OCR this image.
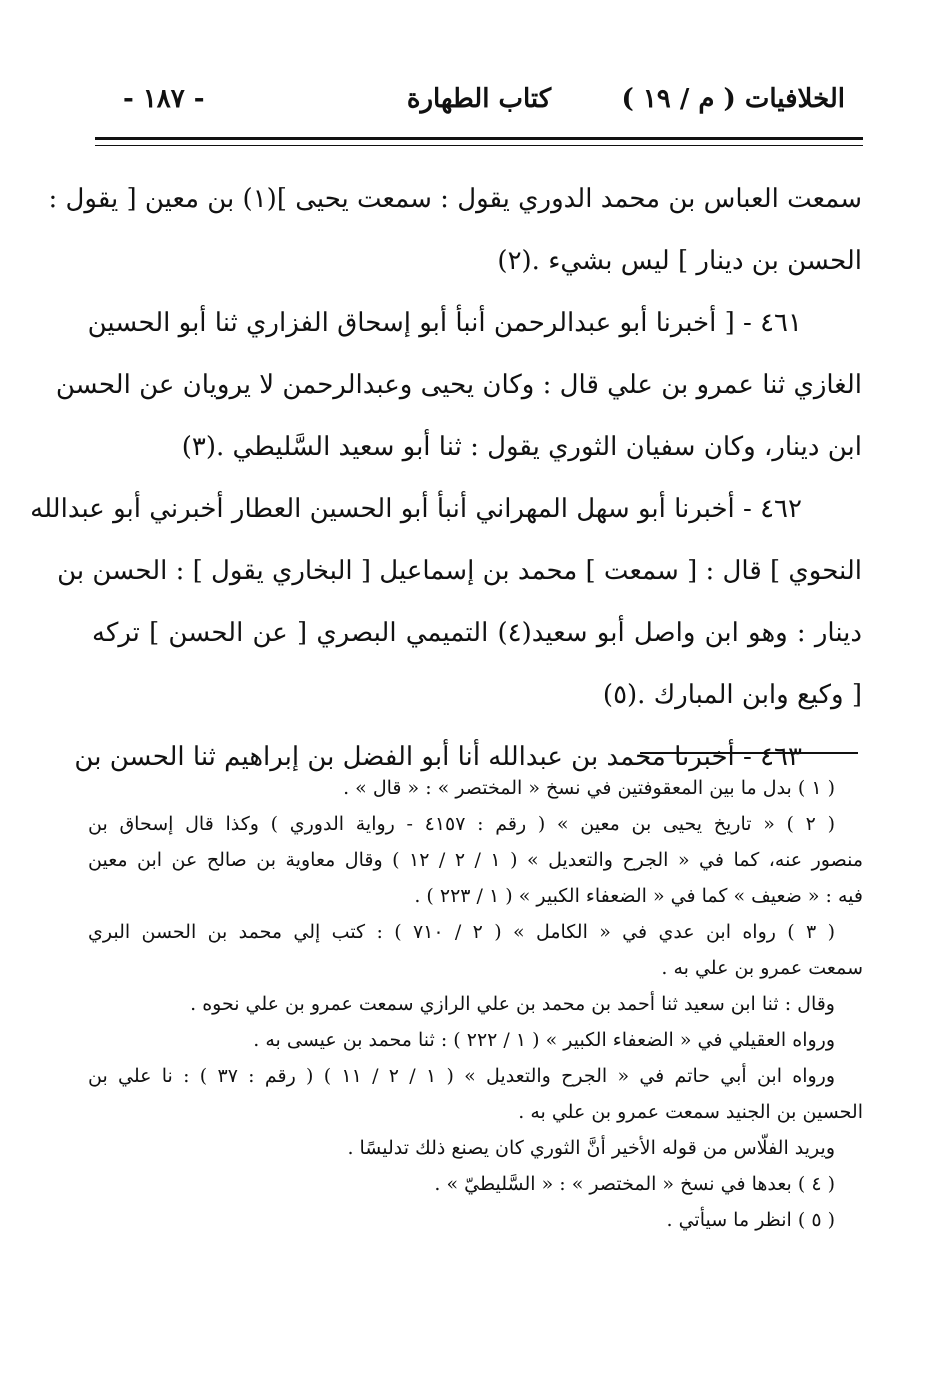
- ١٨٧ -	كتاب الطهارة	الخلافيات ( م / ١٩ )
سمعت العباس بن محمد الدوري يقول : سمعت يحيى ](١) بن معين [ يقول :
الحسن بن دينار ] ليس بشيء .(٢)
٤٦١ - [ أخبرنا أبو عبدالرحمن أنبأ أبو إسحاق الفزاري ثنا أبو الحسين
الغازي ثنا عمرو بن علي قال : وكان يحيى وعبدالرحمن لا يرويان عن الحسن
ابن دينار، وكان سفيان الثوري يقول : ثنا أبو سعيد السَّليطي .(٣)
٤٦٢ - أخبرنا أبو سهل المهراني أنبأ أبو الحسين العطار أخبرني أبو عبدالله
النحوي ] قال : [ سمعت ] محمد بن إسماعيل [ البخاري يقول ] : الحسن بن
دينار : وهو ابن واصل أبو سعيد(٤) التميمي البصري [ عن الحسن ] تركه
[ وكيع وابن المبارك .(٥)
٤٦٣ - أخبرنا محمد بن عبدالله أنا أبو الفضل بن إبراهيم ثنا الحسن بن
( ١ ) بدل ما بين المعقوفتين في نسخ « المختصر » : « قال » .
( ٢ ) « تاريخ يحيى بن معين » ( رقم : ٤١٥٧ - رواية الدوري ) وكذا قال إسحاق بن
منصور عنه، كما في « الجرح والتعديل » ( ١ / ٢ / ١٢ ) وقال معاوية بن صالح عن ابن معين
فيه : « ضعيف » كما في « الضعفاء الكبير » ( ١ / ٢٢٣ ) .
( ٣ ) رواه ابن عدي في « الكامل » ( ٢ / ٧١٠ ) : كتب إلي محمد بن الحسن البري
سمعت عمرو بن علي به .
وقال : ثنا ابن سعيد ثنا أحمد بن محمد بن علي الرازي سمعت عمرو بن علي نحوه .
ورواه العقيلي في « الضعفاء الكبير » ( ١ / ٢٢٢ ) : ثنا محمد بن عيسى به .
ورواه ابن أبي حاتم في « الجرح والتعديل » ( ١ / ٢ / ١١ ) ( رقم : ٣٧ ) : نا علي بن
الحسين بن الجنيد سمعت عمرو بن علي به .
ويريد الفلّاس من قوله الأخير أنَّ الثوري كان يصنع ذلك تدليسًا .
( ٤ ) بعدها في نسخ « المختصر » : « السَّليطيّ » .
( ٥ ) انظر ما سيأتي .
